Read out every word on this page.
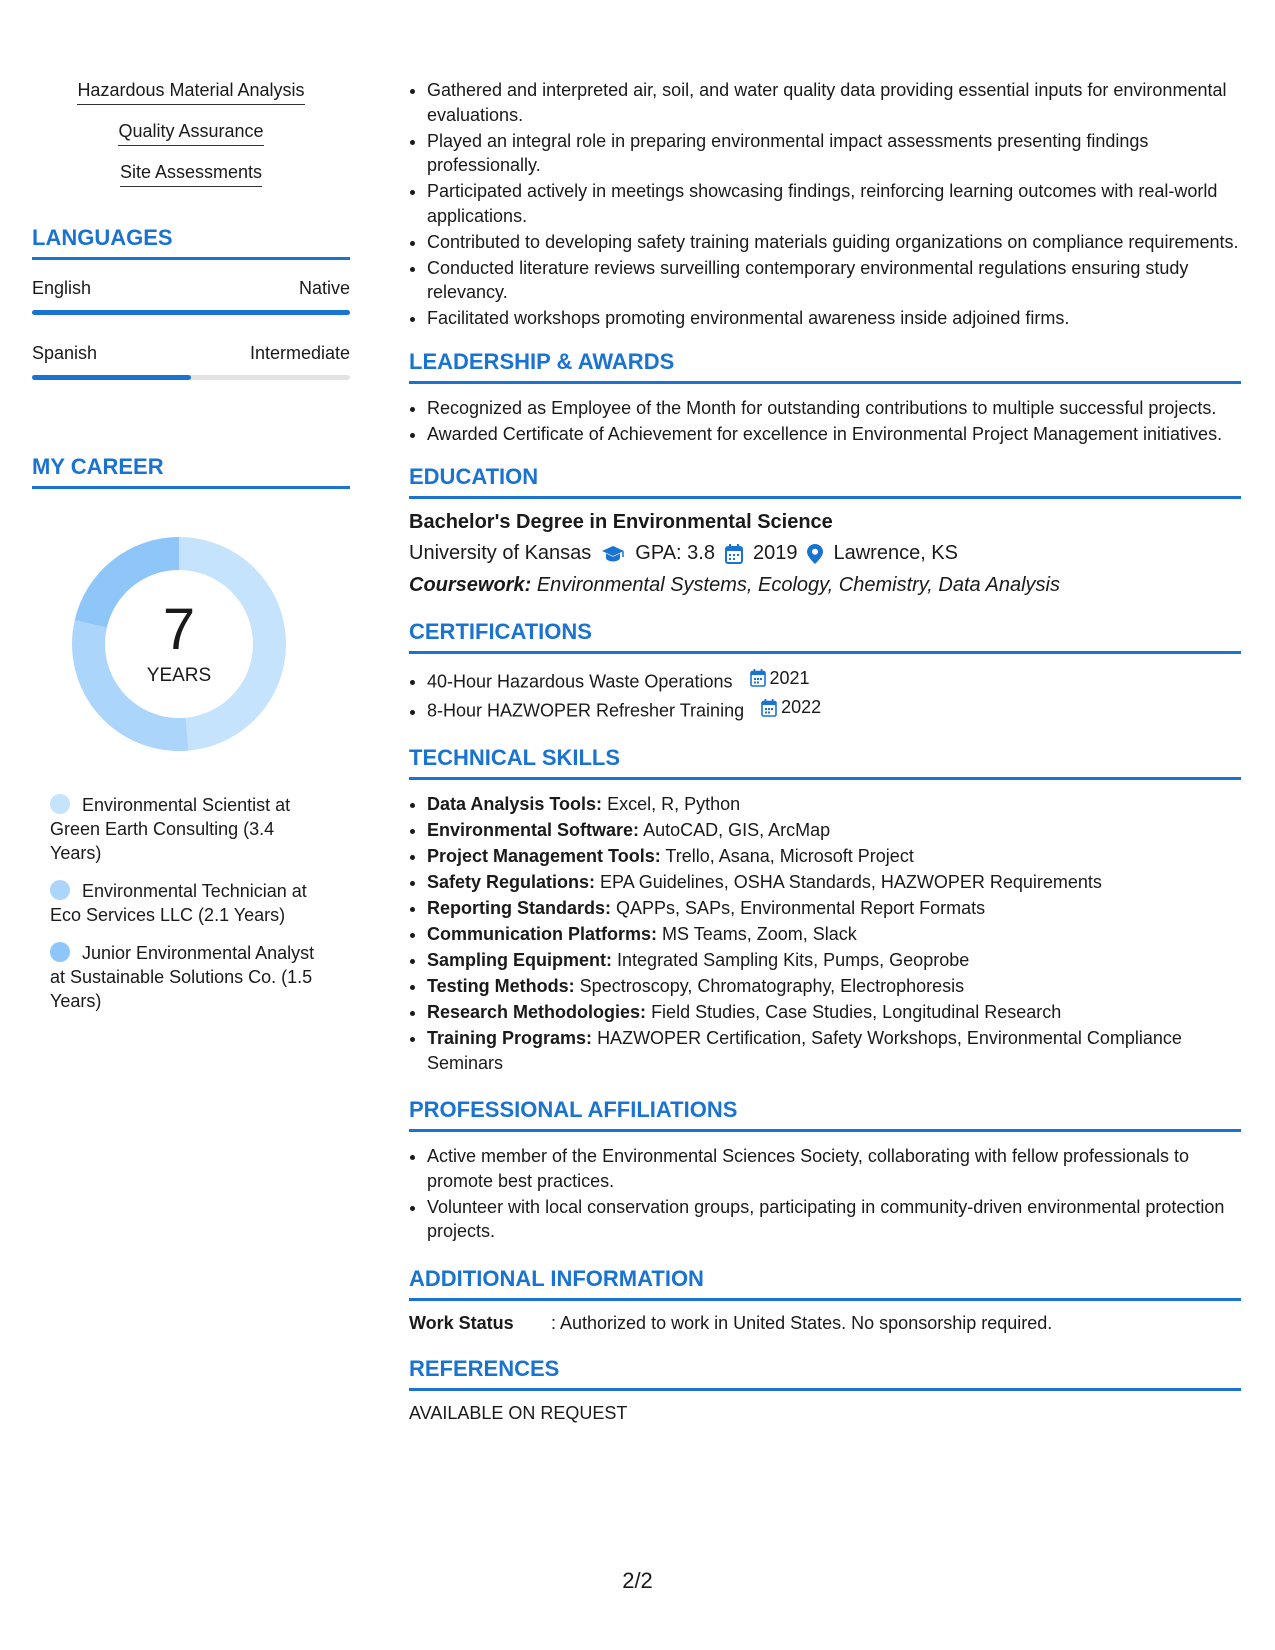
Hazardous Material Analysis
Quality Assurance
Site Assessments
LANGUAGES
English	Native
Spanish	Intermediate
MY CAREER
7
YEARS
Environmental Scientist at Green Earth Consulting (3.4 Years)
Environmental Technician at Eco Services LLC (2.1 Years)
Junior Environmental Analyst at Sustainable Solutions Co. (1.5 Years)
• Gathered and interpreted air, soil, and water quality data providing essential inputs for environmental evaluations.
• Played an integral role in preparing environmental impact assessments presenting findings professionally.
• Participated actively in meetings showcasing findings, reinforcing learning outcomes with real-world applications.
• Contributed to developing safety training materials guiding organizations on compliance requirements.
• Conducted literature reviews surveilling contemporary environmental regulations ensuring study relevancy.
• Facilitated workshops promoting environmental awareness inside adjoined firms.
LEADERSHIP & AWARDS
• Recognized as Employee of the Month for outstanding contributions to multiple successful projects.
• Awarded Certificate of Achievement for excellence in Environmental Project Management initiatives.
EDUCATION
Bachelor's Degree in Environmental Science
University of Kansas GPA: 3.8 2019 Lawrence, KS
Coursework: Environmental Systems, Ecology, Chemistry, Data Analysis
CERTIFICATIONS
• 40-Hour Hazardous Waste Operations 2021
• 8-Hour HAZWOPER Refresher Training 2022
TECHNICAL SKILLS
• Data Analysis Tools: Excel, R, Python
• Environmental Software: AutoCAD, GIS, ArcMap
• Project Management Tools: Trello, Asana, Microsoft Project
• Safety Regulations: EPA Guidelines, OSHA Standards, HAZWOPER Requirements
• Reporting Standards: QAPPs, SAPs, Environmental Report Formats
• Communication Platforms: MS Teams, Zoom, Slack
• Sampling Equipment: Integrated Sampling Kits, Pumps, Geoprobe
• Testing Methods: Spectroscopy, Chromatography, Electrophoresis
• Research Methodologies: Field Studies, Case Studies, Longitudinal Research
• Training Programs: HAZWOPER Certification, Safety Workshops, Environmental Compliance Seminars
PROFESSIONAL AFFILIATIONS
• Active member of the Environmental Sciences Society, collaborating with fellow professionals to promote best practices.
• Volunteer with local conservation groups, participating in community-driven environmental protection projects.
ADDITIONAL INFORMATION
Work Status	: Authorized to work in United States. No sponsorship required.
REFERENCES
AVAILABLE ON REQUEST
2/2
